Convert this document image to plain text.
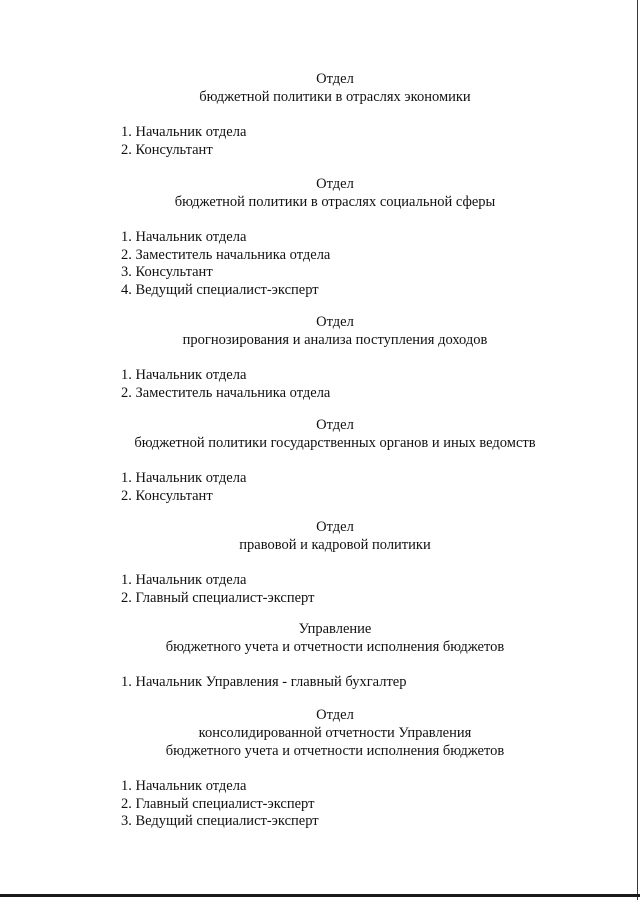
Отдел

бюджетной политики в отраслях экономики

1. Начальник отдела
2. Консультант

Отдел

бюджетной политики в отраслях социальной сферы

1. Начальник отдела
2. Заместитель начальника отдела
3. Консультант
4. Ведущий специалист-эксперт

Отдел

прогнозирования и анализа поступления доходов

1. Начальник отдела
2. Заместитель начальника отдела

Отдел

бюджетной политики государственных органов и иных ведомств

1. Начальник отдела
2. Консультант

Отдел

правовой и кадровой политики

1. Начальник отдела
2. Главный специалист-эксперт

Управление

бюджетного учета и отчетности исполнения бюджетов

1. Начальник Управления - главный бухгалтер

Отдел

консолидированной отчетности Управления

бюджетного учета и отчетности исполнения бюджетов

1. Начальник отдела
2. Главный специалист-эксперт
3. Ведущий специалист-эксперт
